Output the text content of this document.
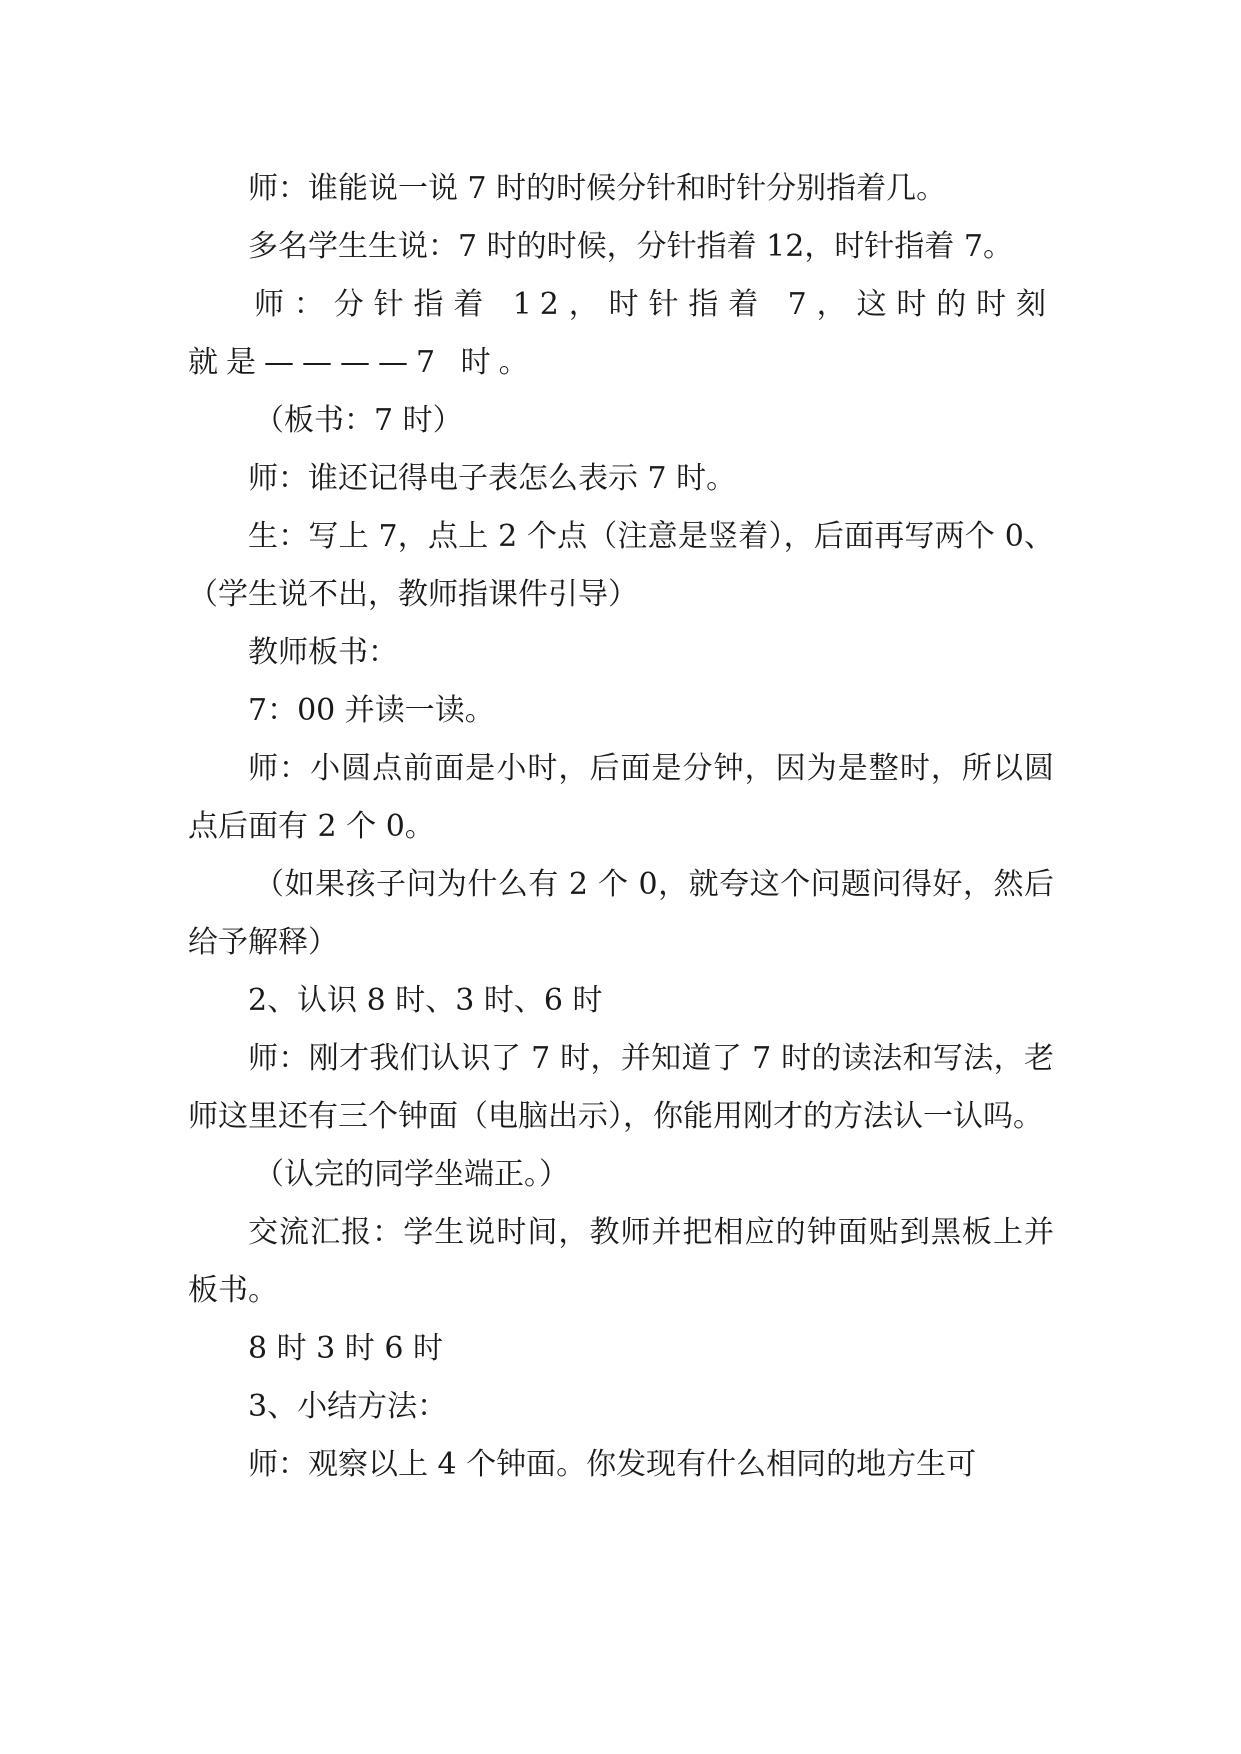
师：谁能说一说 7 时的时候分针和时针分别指着几。

多名学生生说：7 时的时候，分针指着 12，时针指着 7。

师：分针指着 12，时针指着 7，这时的时刻就是————7 时。

（板书：7 时）

师：谁还记得电子表怎么表示 7 时。

生：写上 7，点上 2 个点（注意是竖着），后面再写两个 0、（学生说不出，教师指课件引导）

教师板书：

7：00 并读一读。

师：小圆点前面是小时，后面是分钟，因为是整时，所以圆点后面有 2 个 0。

（如果孩子问为什么有 2 个 0，就夸这个问题问得好，然后给予解释）

2、认识 8 时、3 时、6 时

师：刚才我们认识了 7 时，并知道了 7 时的读法和写法，老师这里还有三个钟面（电脑出示），你能用刚才的方法认一认吗。

（认完的同学坐端正。）

交流汇报：学生说时间，教师并把相应的钟面贴到黑板上并板书。

8 时 3 时 6 时

3、小结方法：

师：观察以上 4 个钟面。你发现有什么相同的地方生可
